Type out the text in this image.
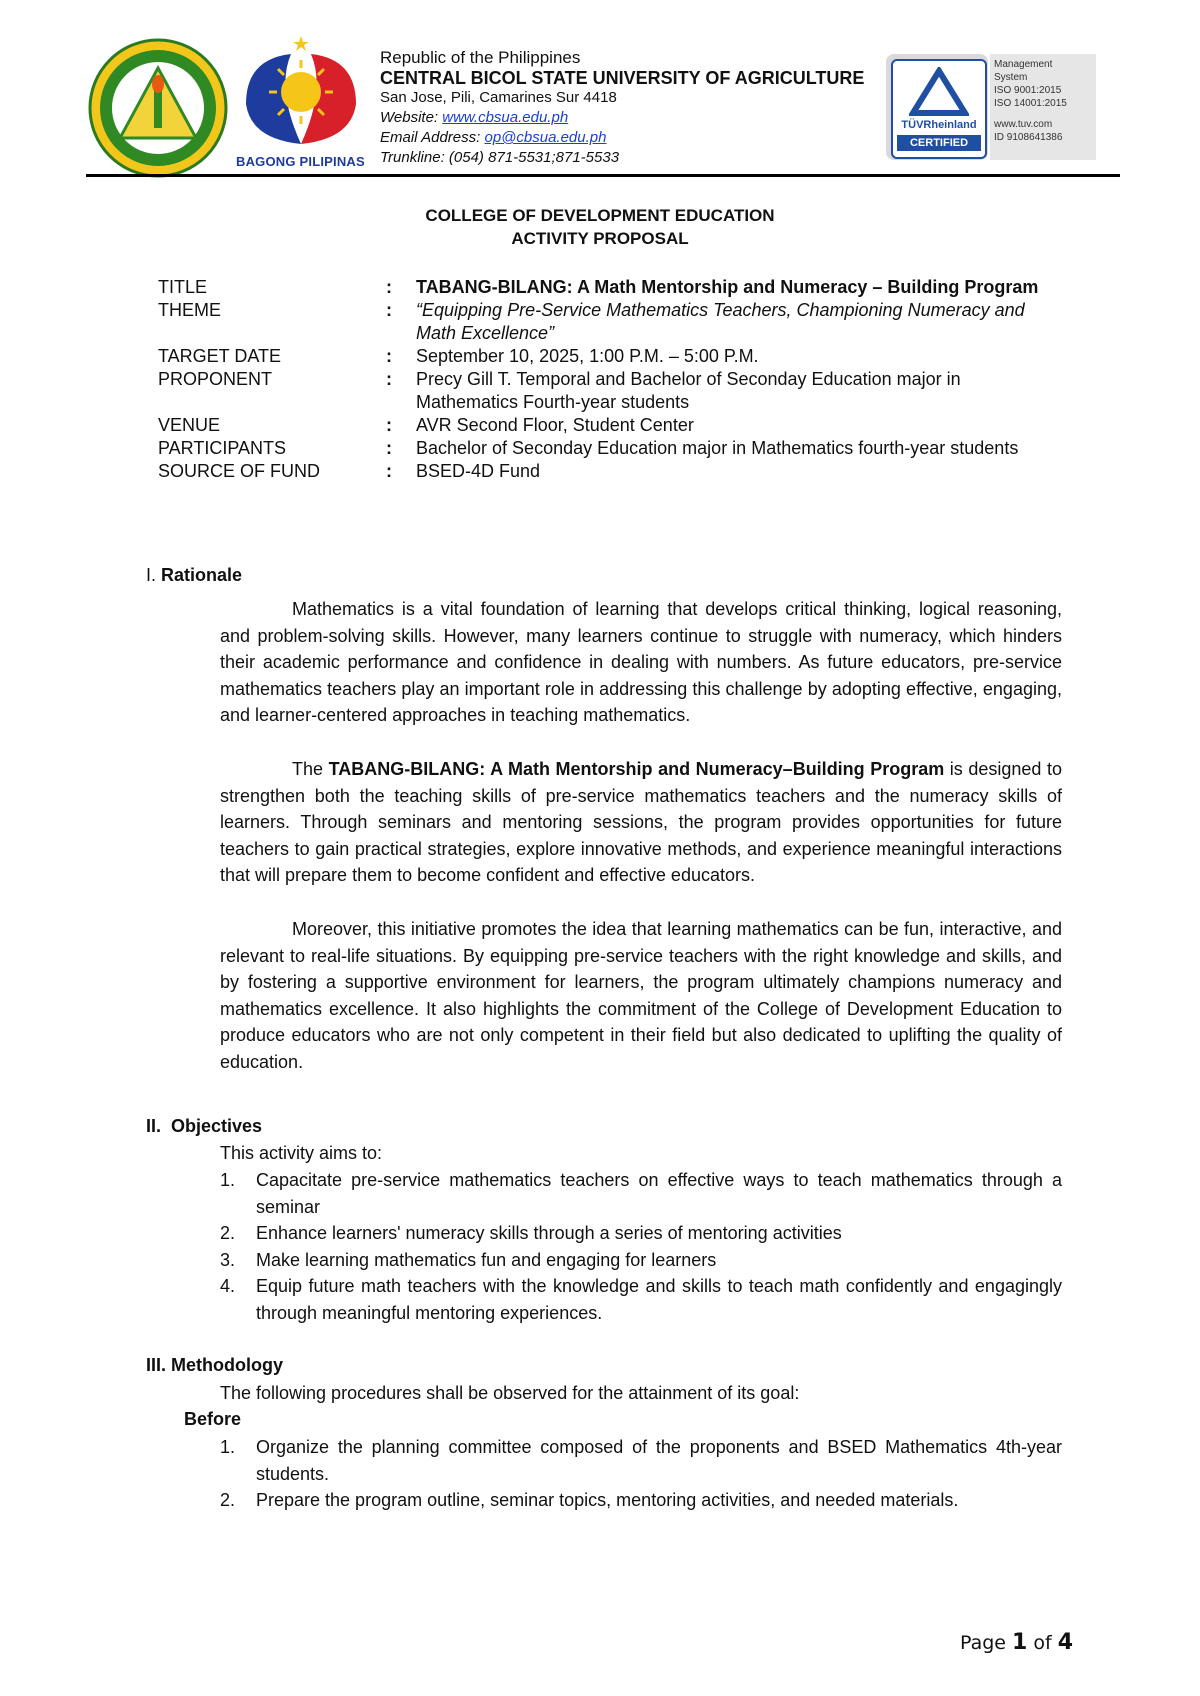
BAGONG PILIPINAS
Republic of the Philippines
CENTRAL BICOL STATE UNIVERSITY OF AGRICULTURE
San Jose, Pili, Camarines Sur 4418
Website: www.cbsua.edu.ph
Email Address: op@cbsua.edu.ph
Trunkline: (054) 871-5531;871-5533
TÜVRheinland
CERTIFIED
Management
System
ISO 9001:2015
ISO 14001:2015
www.tuv.com
ID 9108641386
COLLEGE OF DEVELOPMENT EDUCATION
ACTIVITY PROPOSAL
TITLE	:	TABANG-BILANG: A Math Mentorship and Numeracy – Building Program
THEME	:	“Equipping Pre-Service Mathematics Teachers, Championing Numeracy and Math Excellence”
TARGET DATE	:	September 10, 2025, 1:00 P.M. – 5:00 P.M.
PROPONENT	:	Precy Gill T. Temporal and Bachelor of Seconday Education major in Mathematics Fourth-year students
VENUE	:	AVR Second Floor, Student Center
PARTICIPANTS	:	Bachelor of Seconday Education major in Mathematics fourth-year students
SOURCE OF FUND	:	BSED-4D Fund
I. Rationale
Mathematics is a vital foundation of learning that develops critical thinking, logical reasoning, and problem-solving skills. However, many learners continue to struggle with numeracy, which hinders their academic performance and confidence in dealing with numbers. As future educators, pre-service mathematics teachers play an important role in addressing this challenge by adopting effective, engaging, and learner-centered approaches in teaching mathematics.
The TABANG-BILANG: A Math Mentorship and Numeracy–Building Program is designed to strengthen both the teaching skills of pre-service mathematics teachers and the numeracy skills of learners. Through seminars and mentoring sessions, the program provides opportunities for future teachers to gain practical strategies, explore innovative methods, and experience meaningful interactions that will prepare them to become confident and effective educators.
Moreover, this initiative promotes the idea that learning mathematics can be fun, interactive, and relevant to real-life situations. By equipping pre-service teachers with the right knowledge and skills, and by fostering a supportive environment for learners, the program ultimately champions numeracy and mathematics excellence. It also highlights the commitment of the College of Development Education to produce educators who are not only competent in their field but also dedicated to uplifting the quality of education.
II.  Objectives
This activity aims to:
1.	Capacitate pre-service mathematics teachers on effective ways to teach mathematics through a seminar
2.	Enhance learners' numeracy skills through a series of mentoring activities
3.	Make learning mathematics fun and engaging for learners
4.	Equip future math teachers with the knowledge and skills to teach math confidently and engagingly through meaningful mentoring experiences.
III. Methodology
The following procedures shall be observed for the attainment of its goal:
Before
1.	Organize the planning committee composed of the proponents and BSED Mathematics 4th-year students.
2.	Prepare the program outline, seminar topics, mentoring activities, and needed materials.
Page 1 of 4
